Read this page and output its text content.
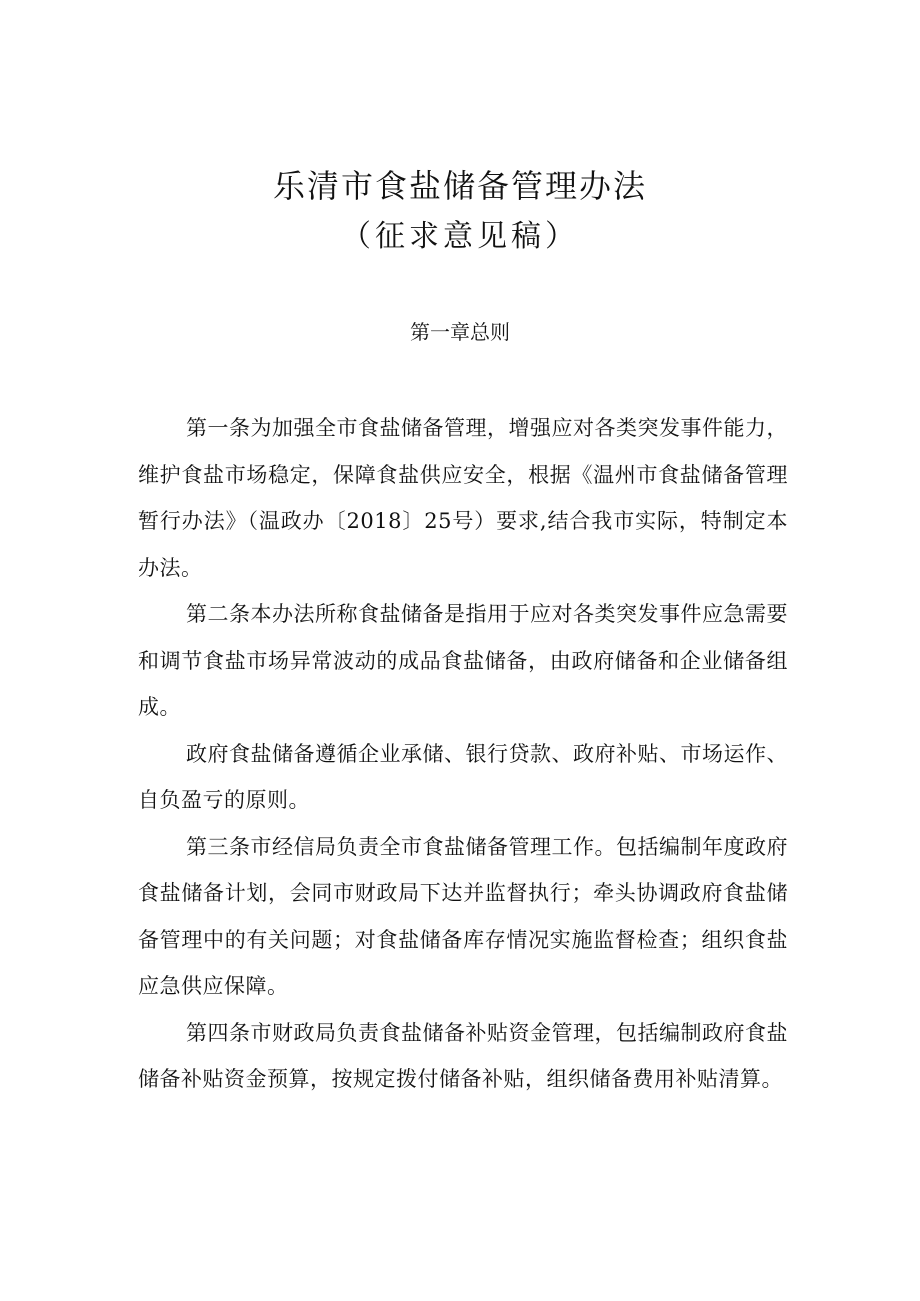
乐清市食盐储备管理办法
（征求意见稿）
第一章总则

第一条为加强全市食盐储备管理，增强应对各类突发事件能力，维护食盐市场稳定，保障食盐供应安全，根据《温州市食盐储备管理暂行办法》（温政办〔2018〕25号）要求,结合我市实际，特制定本办法。

第二条本办法所称食盐储备是指用于应对各类突发事件应急需要和调节食盐市场异常波动的成品食盐储备，由政府储备和企业储备组成。

政府食盐储备遵循企业承储、银行贷款、政府补贴、市场运作、自负盈亏的原则。

第三条市经信局负责全市食盐储备管理工作。包括编制年度政府食盐储备计划，会同市财政局下达并监督执行；牵头协调政府食盐储备管理中的有关问题；对食盐储备库存情况实施监督检查；组织食盐应急供应保障。

第四条市财政局负责食盐储备补贴资金管理，包括编制政府食盐储备补贴资金预算，按规定拨付储备补贴，组织储备费用补贴清算。
